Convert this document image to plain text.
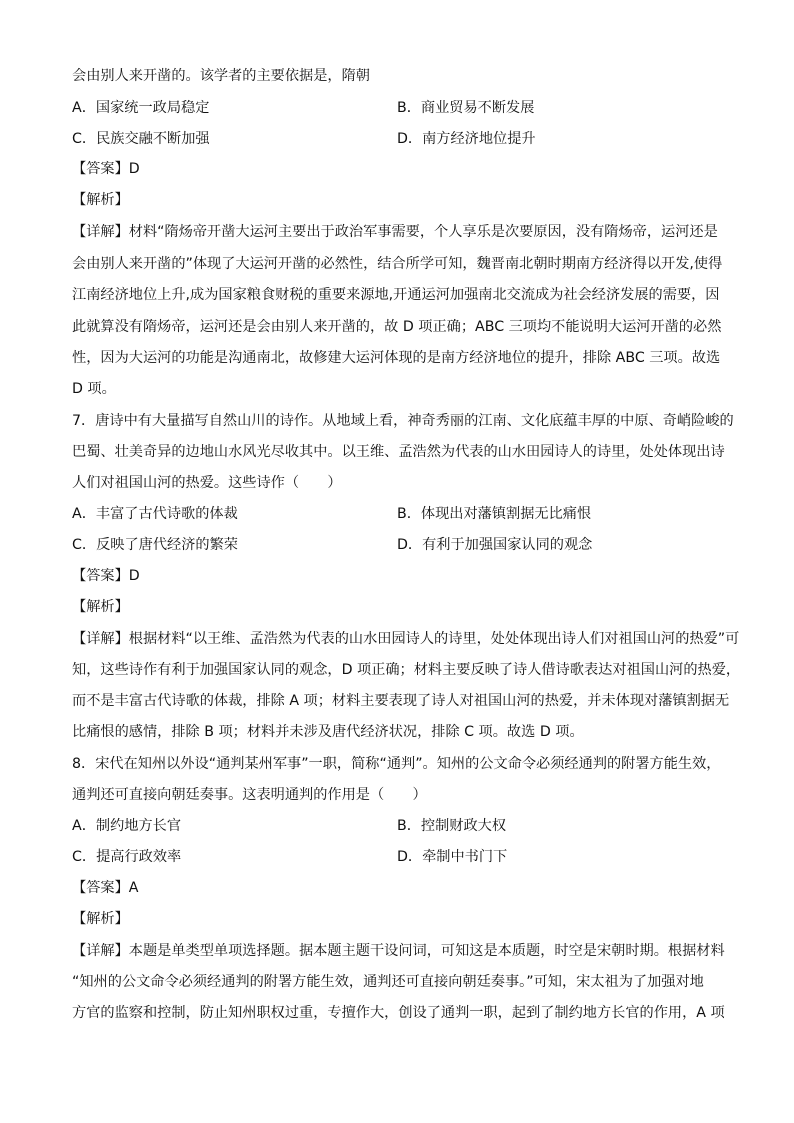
会由别人来开凿的。该学者的主要依据是，隋朝
A．国家统一政局稳定	B．商业贸易不断发展
C．民族交融不断加强	D．南方经济地位提升
【答案】D
【解析】
【详解】材料“隋炀帝开凿大运河主要出于政治军事需要，个人享乐是次要原因，没有隋炀帝，运河还是
会由别人来开凿的”体现了大运河开凿的必然性，结合所学可知，魏晋南北朝时期南方经济得以开发,使得
江南经济地位上升,成为国家粮食财税的重要来源地,开通运河加强南北交流成为社会经济发展的需要，因
此就算没有隋炀帝，运河还是会由别人来开凿的，故 D 项正确；ABC 三项均不能说明大运河开凿的必然
性，因为大运河的功能是沟通南北，故修建大运河体现的是南方经济地位的提升，排除 ABC 三项。故选
D 项。
7．唐诗中有大量描写自然山川的诗作。从地域上看，神奇秀丽的江南、文化底蕴丰厚的中原、奇峭险峻的
巴蜀、壮美奇异的边地山水风光尽收其中。以王维、孟浩然为代表的山水田园诗人的诗里，处处体现出诗
人们对祖国山河的热爱。这些诗作（　　）
A．丰富了古代诗歌的体裁	B．体现出对藩镇割据无比痛恨
C．反映了唐代经济的繁荣	D．有利于加强国家认同的观念
【答案】D
【解析】
【详解】根据材料“以王维、孟浩然为代表的山水田园诗人的诗里，处处体现出诗人们对祖国山河的热爱”可
知，这些诗作有利于加强国家认同的观念，D 项正确；材料主要反映了诗人借诗歌表达对祖国山河的热爱，
而不是丰富古代诗歌的体裁，排除 A 项；材料主要表现了诗人对祖国山河的热爱，并未体现对藩镇割据无
比痛恨的感情，排除 B 项；材料并未涉及唐代经济状况，排除 C 项。故选 D 项。
8．宋代在知州以外设“通判某州军事”一职，简称“通判”。知州的公文命令必须经通判的附署方能生效，
通判还可直接向朝廷奏事。这表明通判的作用是（　　）
A．制约地方长官	B．控制财政大权
C．提高行政效率	D．牵制中书门下
【答案】A
【解析】
【详解】本题是单类型单项选择题。据本题主题干设问词，可知这是本质题，时空是宋朝时期。根据材料
“知州的公文命令必须经通判的附署方能生效，通判还可直接向朝廷奏事。”可知，宋太祖为了加强对地
方官的监察和控制，防止知州职权过重，专擅作大，创设了通判一职，起到了制约地方长官的作用，A 项
